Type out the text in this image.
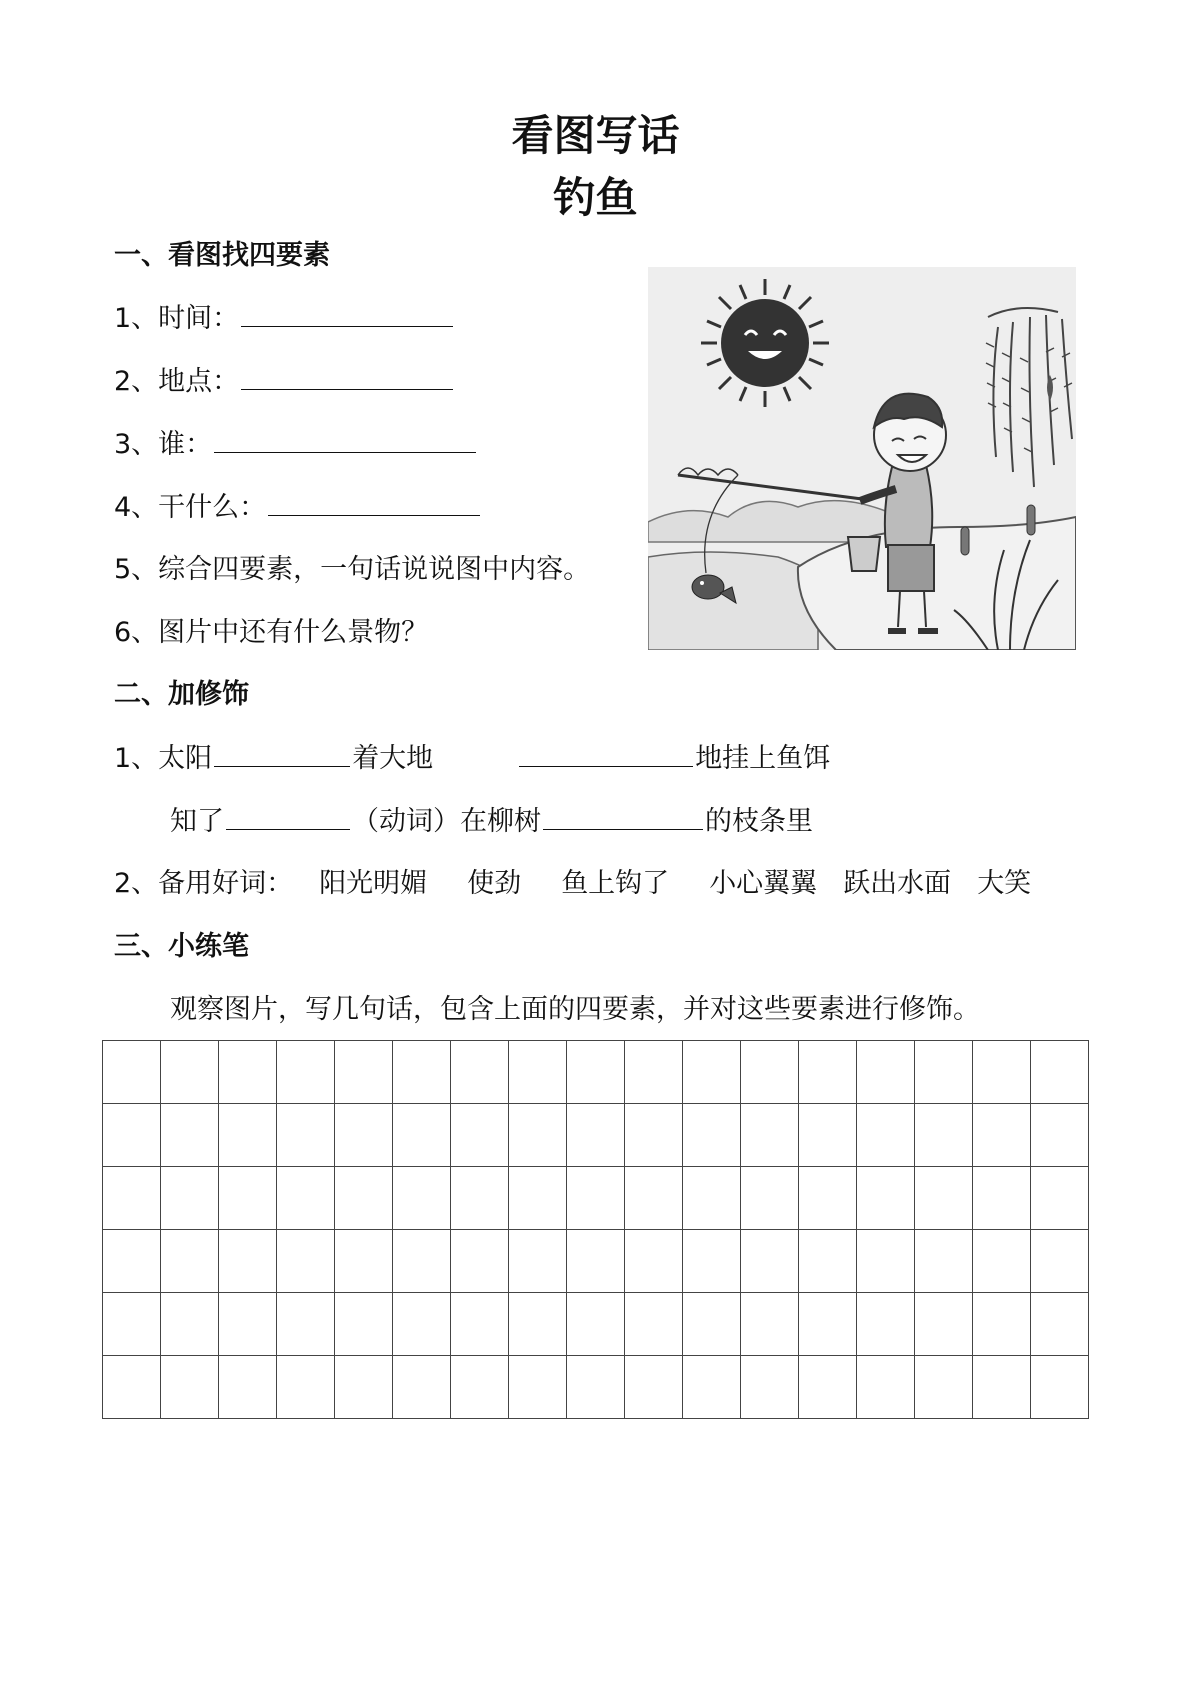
看图写话
钓鱼
一、看图找四要素
1、时间：
2、地点：
3、谁：
4、干什么：
5、综合四要素，一句话说说图中内容。
6、图片中还有什么景物？
二、加修饰
1、太阳	着大地	地挂上鱼饵
知了	（动词）在柳树	的枝条里
2、备用好词： 阳光明媚 使劲 鱼上钩了 小心翼翼 跃出水面 大笑
三、小练笔
观察图片，写几句话，包含上面的四要素，并对这些要素进行修饰。
